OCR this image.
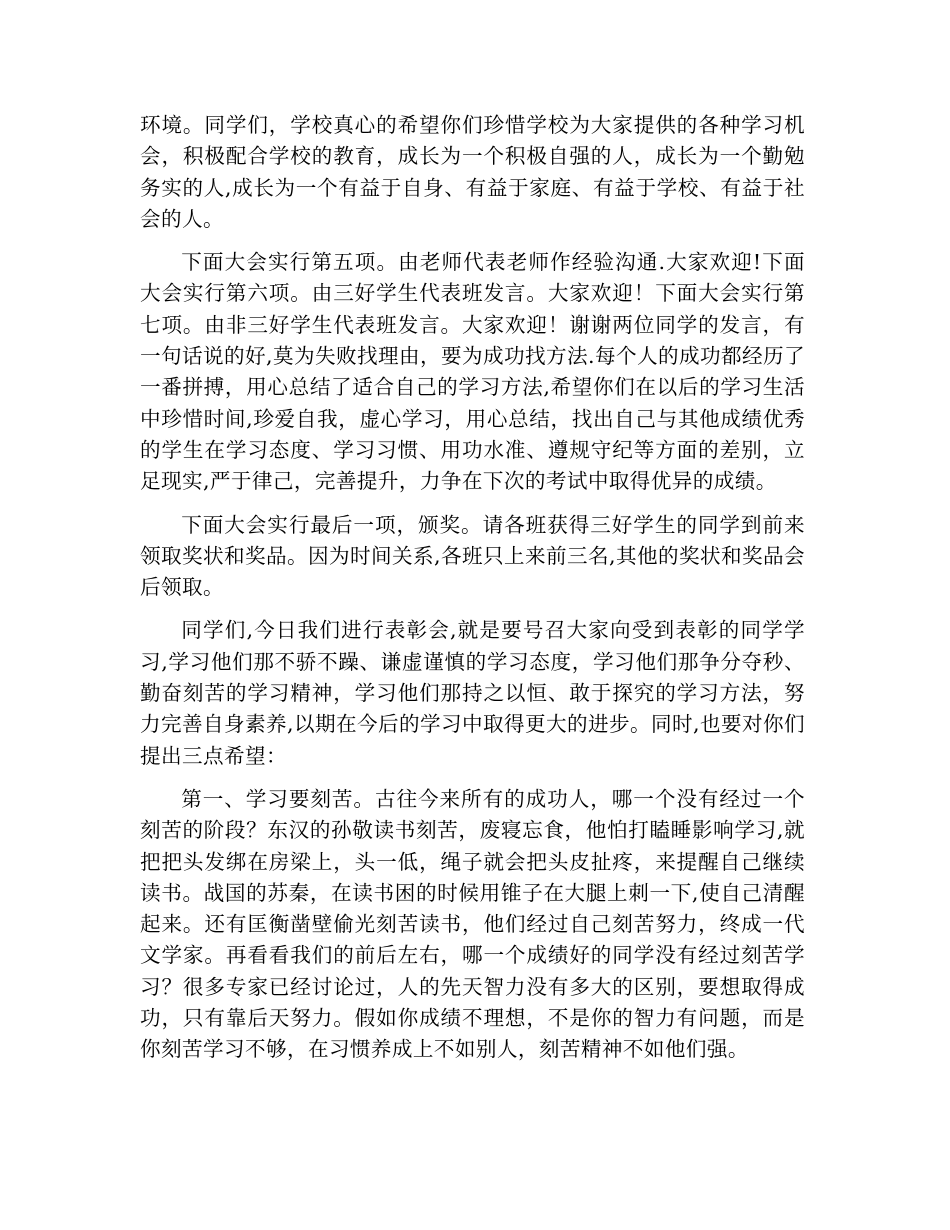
环境。同学们，学校真心的希望你们珍惜学校为大家提供的各种学习机会，积极配合学校的教育，成长为一个积极自强的人，成长为一个勤勉务实的人,成长为一个有益于自身、有益于家庭、有益于学校、有益于社会的人。

下面大会实行第五项。由老师代表老师作经验沟通.大家欢迎!下面大会实行第六项。由三好学生代表班发言。大家欢迎！下面大会实行第七项。由非三好学生代表班发言。大家欢迎！谢谢两位同学的发言，有一句话说的好,莫为失败找理由，要为成功找方法.每个人的成功都经历了一番拼搏，用心总结了适合自己的学习方法,希望你们在以后的学习生活中珍惜时间,珍爱自我，虚心学习，用心总结，找出自己与其他成绩优秀的学生在学习态度、学习习惯、用功水准、遵规守纪等方面的差别，立足现实,严于律己，完善提升，力争在下次的考试中取得优异的成绩。

下面大会实行最后一项，颁奖。请各班获得三好学生的同学到前来领取奖状和奖品。因为时间关系,各班只上来前三名,其他的奖状和奖品会后领取。

同学们,今日我们进行表彰会,就是要号召大家向受到表彰的同学学习,学习他们那不骄不躁、谦虚谨慎的学习态度，学习他们那争分夺秒、勤奋刻苦的学习精神，学习他们那持之以恒、敢于探究的学习方法，努力完善自身素养,以期在今后的学习中取得更大的进步。同时,也要对你们提出三点希望：

第一、学习要刻苦。古往今来所有的成功人，哪一个没有经过一个刻苦的阶段？东汉的孙敬读书刻苦，废寝忘食，他怕打瞌睡影响学习,就把把头发绑在房梁上，头一低，绳子就会把头皮扯疼，来提醒自己继续读书。战国的苏秦，在读书困的时候用锥子在大腿上刺一下,使自己清醒起来。还有匡衡凿壁偷光刻苦读书，他们经过自己刻苦努力，终成一代文学家。再看看我们的前后左右，哪一个成绩好的同学没有经过刻苦学习？很多专家已经讨论过，人的先天智力没有多大的区别，要想取得成功，只有靠后天努力。假如你成绩不理想，不是你的智力有问题，而是你刻苦学习不够，在习惯养成上不如别人，刻苦精神不如他们强。
